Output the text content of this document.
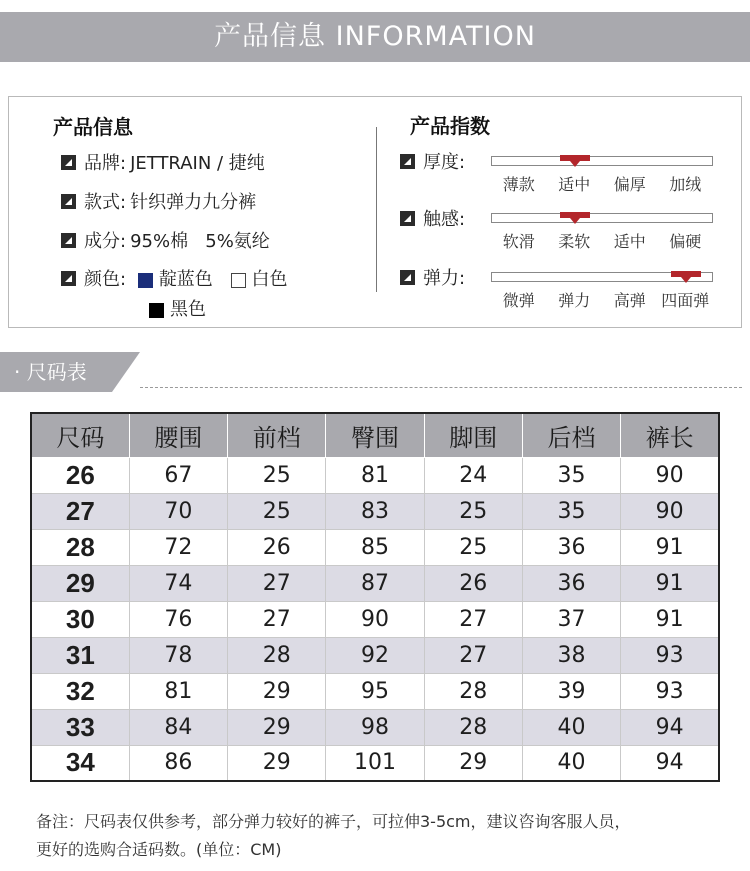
产品信息 INFORMATION
产品信息
品牌: JETTRAIN / 捷纯
款式: 针织弹力九分裤
成分: 95%棉   5%氨纶
颜色: 靛蓝色 白色
黑色
产品指数
厚度:
薄款	适中	偏厚	加绒
触感:
软滑	柔软	适中	偏硬
弹力:
微弹	弹力	高弹 四面弹
· 尺码表
尺码	腰围	前档	臀围	脚围	后档	裤长
26	67	25	81	24	35	90
27	70	25	83	25	35	90
28	72	26	85	25	36	91
29	74	27	87	26	36	91
30	76	27	90	27	37	91
31	78	28	92	27	38	93
32	81	29	95	28	39	93
33	84	29	98	28	40	94
34	86	29	101	29	40	94
备注：尺码表仅供参考，部分弹力较好的裤子，可拉伸3-5cm，建议咨询客服人员，
更好的选购合适码数。(单位：CM)
